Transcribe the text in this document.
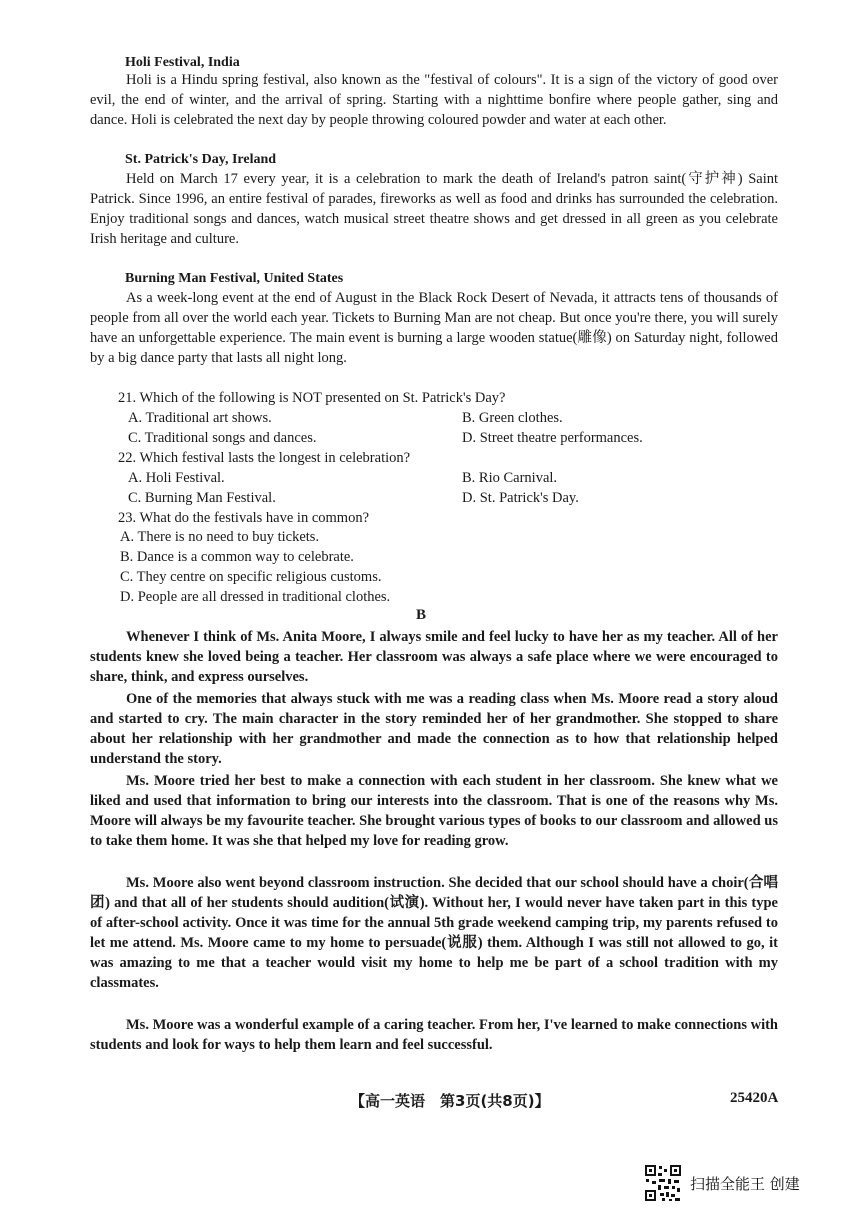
Holi Festival, India

Holi is a Hindu spring festival, also known as the "festival of colours". It is a sign of the victory of good over evil, the end of winter, and the arrival of spring. Starting with a nighttime bonfire where people gather, sing and dance. Holi is celebrated the next day by people throwing coloured powder and water at each other.

St. Patrick's Day, Ireland

Held on March 17 every year, it is a celebration to mark the death of Ireland's patron saint(守护神) Saint Patrick. Since 1996, an entire festival of parades, fireworks as well as food and drinks has surrounded the celebration. Enjoy traditional songs and dances, watch musical street theatre shows and get dressed in all green as you celebrate Irish heritage and culture.

Burning Man Festival, United States

As a week-long event at the end of August in the Black Rock Desert of Nevada, it attracts tens of thousands of people from all over the world each year. Tickets to Burning Man are not cheap. But once you're there, you will surely have an unforgettable experience. The main event is burning a large wooden statue(雕像) on Saturday night, followed by a big dance party that lasts all night long.

21. Which of the following is NOT presented on St. Patrick's Day?
A. Traditional art shows.	B. Green clothes.
C. Traditional songs and dances.	D. Street theatre performances.
22. Which festival lasts the longest in celebration?
A. Holi Festival.	B. Rio Carnival.
C. Burning Man Festival.	D. St. Patrick's Day.
23. What do the festivals have in common?
A. There is no need to buy tickets.
B. Dance is a common way to celebrate.
C. They centre on specific religious customs.
D. People are all dressed in traditional clothes.
B

Whenever I think of Ms. Anita Moore, I always smile and feel lucky to have her as my teacher. All of her students knew she loved being a teacher. Her classroom was always a safe place where we were encouraged to share, think, and express ourselves.

One of the memories that always stuck with me was a reading class when Ms. Moore read a story aloud and started to cry. The main character in the story reminded her of her grandmother. She stopped to share about her relationship with her grandmother and made the connection as to how that relationship helped understand the story.

Ms. Moore tried her best to make a connection with each student in her classroom. She knew what we liked and used that information to bring our interests into the classroom. That is one of the reasons why Ms. Moore will always be my favourite teacher. She brought various types of books to our classroom and allowed us to take them home. It was she that helped my love for reading grow.

Ms. Moore also went beyond classroom instruction. She decided that our school should have a choir(合唱团) and that all of her students should audition(试演). Without her, I would never have taken part in this type of after-school activity. Once it was time for the annual 5th grade weekend camping trip, my parents refused to let me attend. Ms. Moore came to my home to persuade(说服) them. Although I was still not allowed to go, it was amazing to me that a teacher would visit my home to help me be part of a school tradition with my classmates.

Ms. Moore was a wonderful example of a caring teacher. From her, I've learned to make connections with students and look for ways to help them learn and feel successful.

【高一英语　第3页(共8页)】	25420A
扫描全能王 创建
